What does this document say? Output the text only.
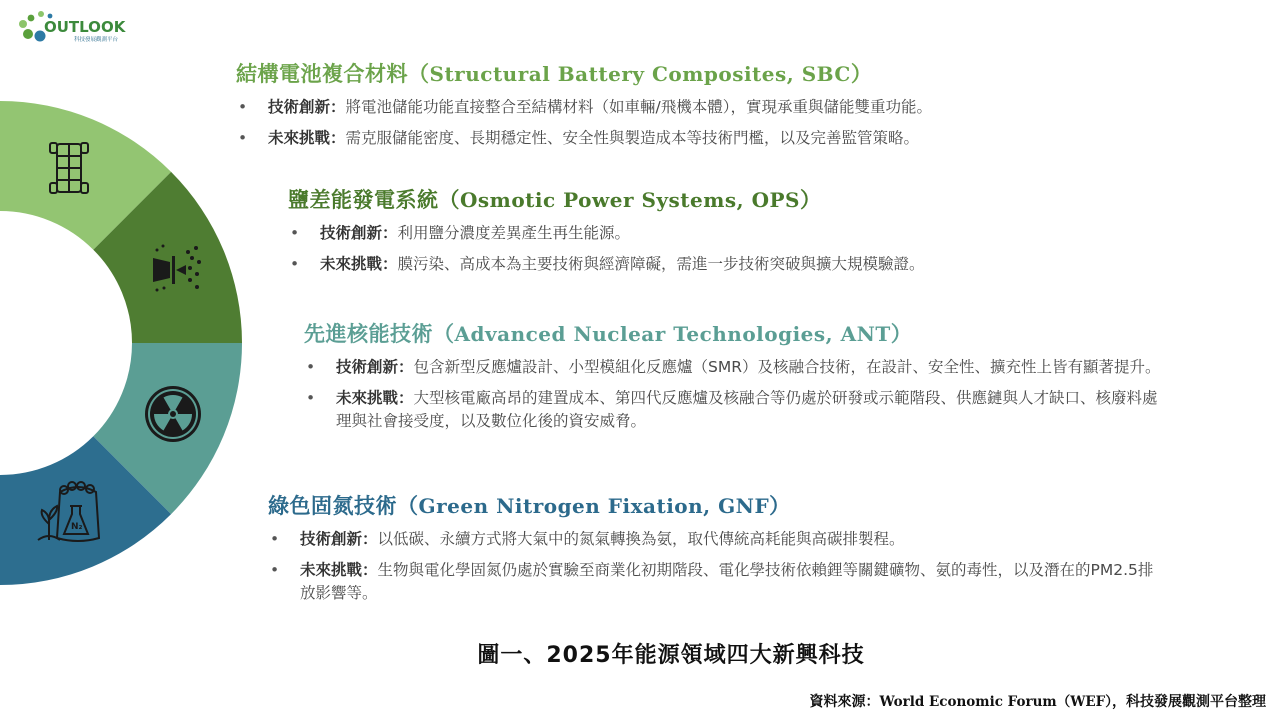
OUTLOOK
科技發展觀測平台
N₂
結構電池複合材料（Structural Battery Composites, SBC）
• 技術創新：將電池儲能功能直接整合至結構材料（如車輛/飛機本體），實現承重與儲能雙重功能。
• 未來挑戰：需克服儲能密度、長期穩定性、安全性與製造成本等技術門檻，以及完善監管策略。
鹽差能發電系統（Osmotic Power Systems, OPS）
• 技術創新：利用鹽分濃度差異產生再生能源。
• 未來挑戰：膜污染、高成本為主要技術與經濟障礙，需進一步技術突破與擴大規模驗證。
先進核能技術（Advanced Nuclear Technologies, ANT）
• 技術創新：包含新型反應爐設計、小型模組化反應爐（SMR）及核融合技術，在設計、安全性、擴充性上皆有顯著提升。
• 未來挑戰：大型核電廠高昂的建置成本、第四代反應爐及核融合等仍處於研發或示範階段、供應鏈與人才缺口、核廢料處理與社會接受度，以及數位化後的資安威脅。
綠色固氮技術（Green Nitrogen Fixation, GNF）
• 技術創新：以低碳、永續方式將大氣中的氮氣轉換為氨，取代傳統高耗能與高碳排製程。
• 未來挑戰：生物與電化學固氮仍處於實驗至商業化初期階段、電化學技術依賴鋰等關鍵礦物、氨的毒性，以及潛在的PM2.5排放影響等。
圖一、2025年能源領域四大新興科技
資料來源：World Economic Forum（WEF），科技發展觀測平台整理
